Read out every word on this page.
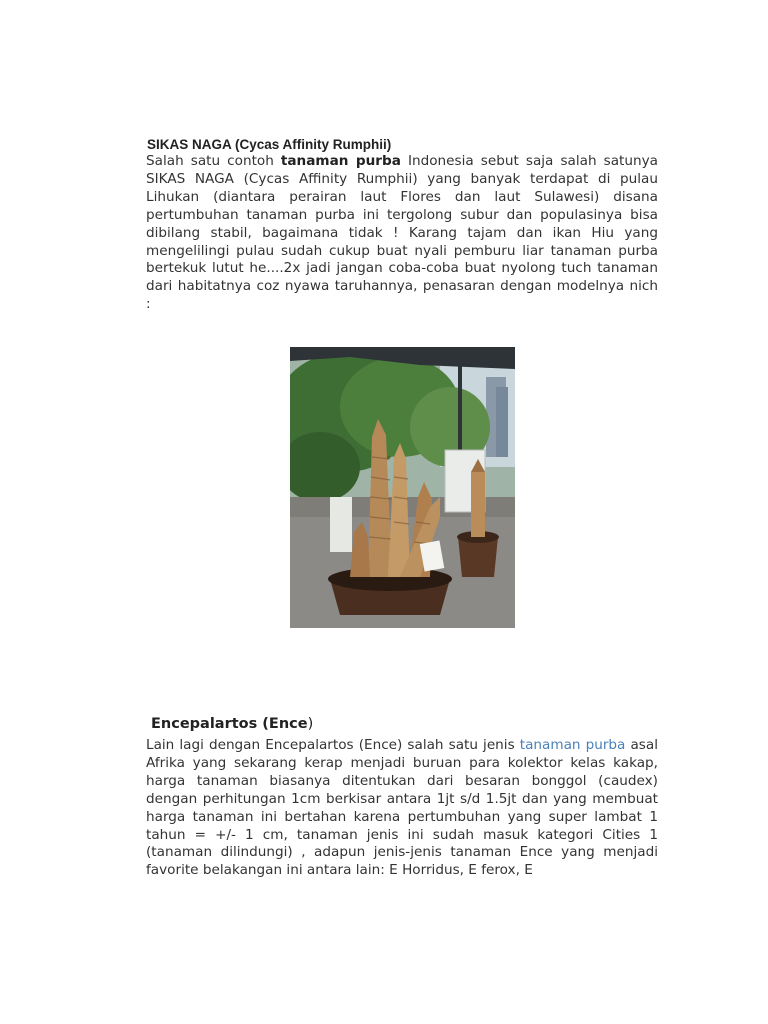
SIKAS NAGA (Cycas Affinity Rumphii)
Salah satu contoh tanaman purba Indonesia sebut saja salah satunya SIKAS NAGA (Cycas Affinity Rumphii) yang banyak terdapat di pulau Lihukan (diantara perairan laut Flores dan laut Sulawesi) disana pertumbuhan tanaman purba ini tergolong subur dan populasinya bisa dibilang stabil, bagaimana tidak ! Karang tajam dan ikan Hiu yang mengelilingi pulau sudah cukup buat nyali pemburu liar tanaman purba bertekuk lutut he....2x jadi jangan coba-coba buat nyolong tuch tanaman dari habitatnya coz nyawa taruhannya, penasaran dengan modelnya nich :
Encepalartos (Ence)
Lain lagi dengan Encepalartos (Ence) salah satu jenis tanaman purba asal Afrika yang sekarang kerap menjadi buruan para kolektor kelas kakap, harga tanaman biasanya ditentukan dari besaran bonggol (caudex) dengan perhitungan 1cm berkisar antara 1jt s/d 1.5jt dan yang membuat harga tanaman ini bertahan karena pertumbuhan yang super lambat 1 tahun = +/- 1 cm, tanaman jenis ini sudah masuk kategori Cities 1 (tanaman dilindungi) , adapun jenis-jenis tanaman Ence yang menjadi favorite belakangan ini antara lain: E Horridus, E ferox, E
